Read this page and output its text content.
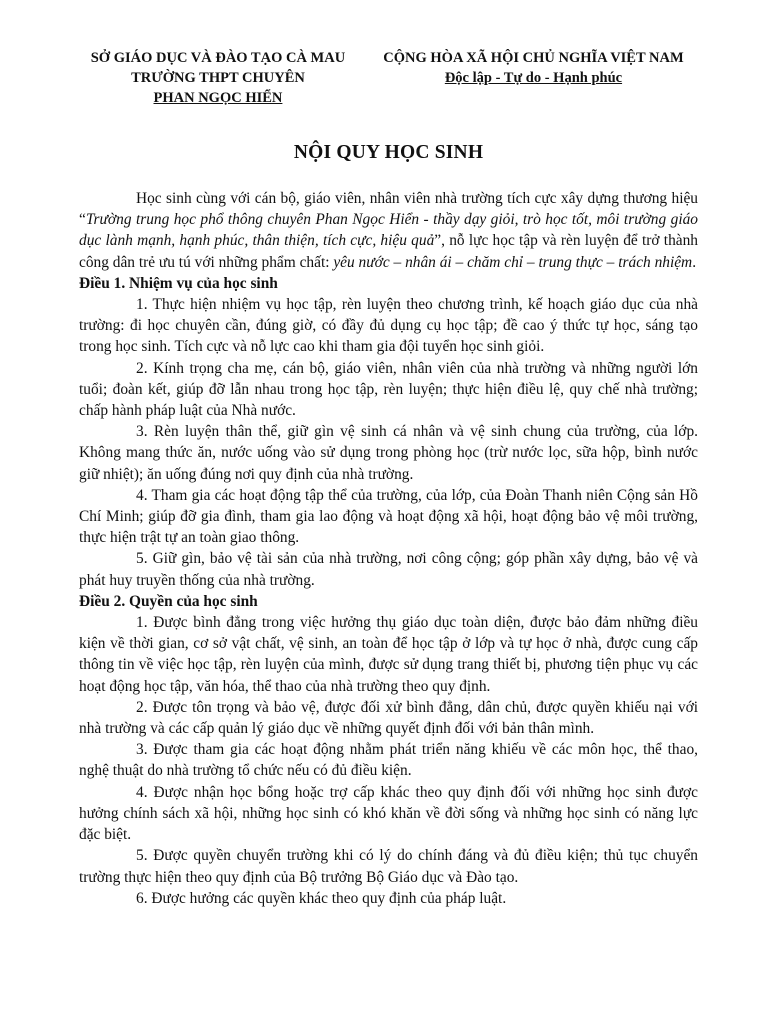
SỞ GIÁO DỤC VÀ ĐÀO TẠO CÀ MAU
TRƯỜNG THPT CHUYÊN
PHAN NGỌC HIỂN
CỘNG HÒA XÃ HỘI CHỦ NGHĨA VIỆT NAM
Độc lập - Tự do - Hạnh phúc
NỘI QUY HỌC SINH

Học sinh cùng với cán bộ, giáo viên, nhân viên nhà trường tích cực xây dựng thương hiệu “Trường trung học phổ thông chuyên Phan Ngọc Hiển - thầy dạy giỏi, trò học tốt, môi trường giáo dục lành mạnh, hạnh phúc, thân thiện, tích cực, hiệu quả”, nỗ lực học tập và rèn luyện để trở thành công dân trẻ ưu tú với những phẩm chất: yêu nước – nhân ái – chăm chỉ – trung thực – trách nhiệm.

Điều 1. Nhiệm vụ của học sinh

1. Thực hiện nhiệm vụ học tập, rèn luyện theo chương trình, kế hoạch giáo dục của nhà trường: đi học chuyên cần, đúng giờ, có đầy đủ dụng cụ học tập; đề cao ý thức tự học, sáng tạo trong học sinh. Tích cực và nỗ lực cao khi tham gia đội tuyển học sinh giỏi.

2. Kính trọng cha mẹ, cán bộ, giáo viên, nhân viên của nhà trường và những người lớn tuổi; đoàn kết, giúp đỡ lẫn nhau trong học tập, rèn luyện; thực hiện điều lệ, quy chế nhà trường; chấp hành pháp luật của Nhà nước.

3. Rèn luyện thân thể, giữ gìn vệ sinh cá nhân và vệ sinh chung của trường, của lớp. Không mang thức ăn, nước uống vào sử dụng trong phòng học (trừ nước lọc, sữa hộp, bình nước giữ nhiệt); ăn uống đúng nơi quy định của nhà trường.

4. Tham gia các hoạt động tập thể của trường, của lớp, của Đoàn Thanh niên Cộng sản Hồ Chí Minh; giúp đỡ gia đình, tham gia lao động và hoạt động xã hội, hoạt động bảo vệ môi trường, thực hiện trật tự an toàn giao thông.

5. Giữ gìn, bảo vệ tài sản của nhà trường, nơi công cộng; góp phần xây dựng, bảo vệ và phát huy truyền thống của nhà trường.

Điều 2. Quyền của học sinh

1. Được bình đẳng trong việc hưởng thụ giáo dục toàn diện, được bảo đảm những điều kiện về thời gian, cơ sở vật chất, vệ sinh, an toàn để học tập ở lớp và tự học ở nhà, được cung cấp thông tin về việc học tập, rèn luyện của mình, được sử dụng trang thiết bị, phương tiện phục vụ các hoạt động học tập, văn hóa, thể thao của nhà trường theo quy định.

2. Được tôn trọng và bảo vệ, được đối xử bình đẳng, dân chủ, được quyền khiếu nại với nhà trường và các cấp quản lý giáo dục về những quyết định đối với bản thân mình.

3. Được tham gia các hoạt động nhằm phát triển năng khiếu về các môn học, thể thao, nghệ thuật do nhà trường tổ chức nếu có đủ điều kiện.

4. Được nhận học bổng hoặc trợ cấp khác theo quy định đối với những học sinh được hưởng chính sách xã hội, những học sinh có khó khăn về đời sống và những học sinh có năng lực đặc biệt.

5. Được quyền chuyển trường khi có lý do chính đáng và đủ điều kiện; thủ tục chuyển trường thực hiện theo quy định của Bộ trưởng Bộ Giáo dục và Đào tạo.

6. Được hưởng các quyền khác theo quy định của pháp luật.
